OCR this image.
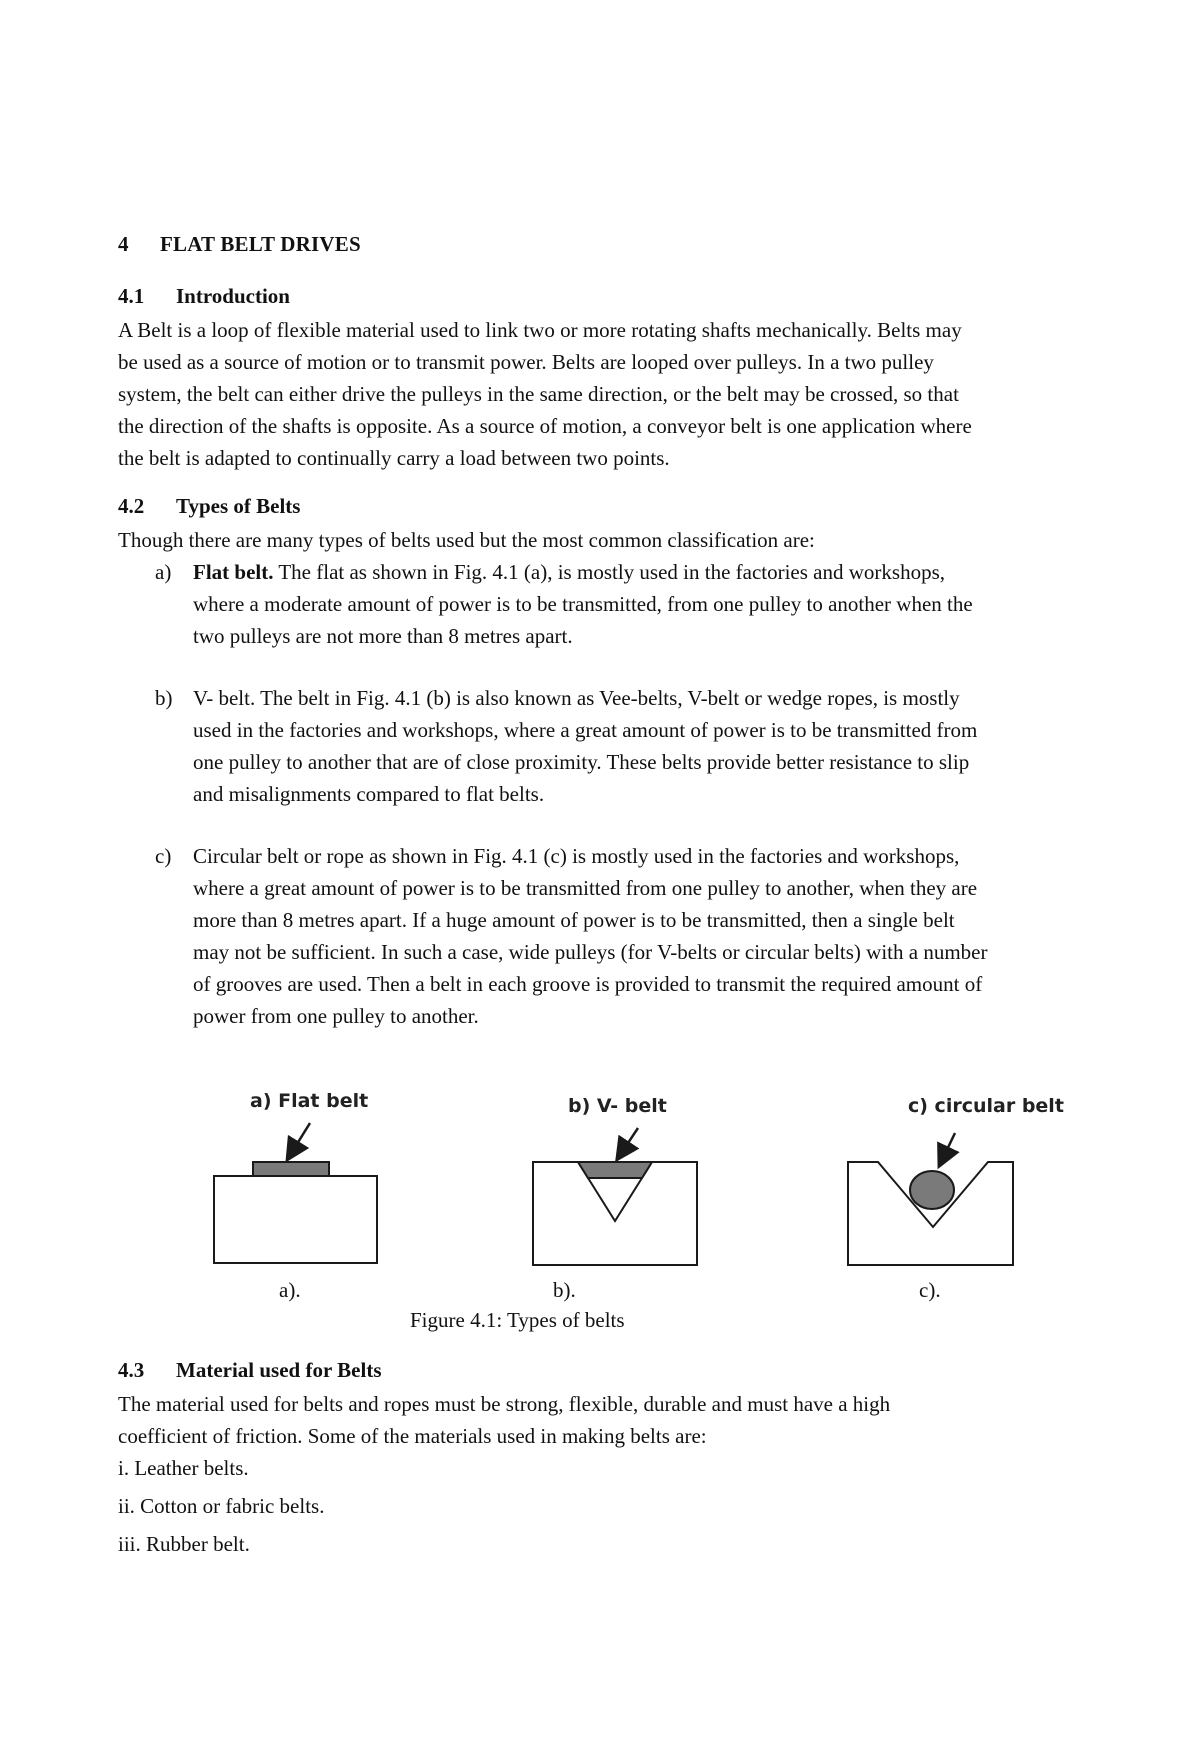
4 FLAT BELT DRIVES
4.1 Introduction
A Belt is a loop of flexible material used to link two or more rotating shafts mechanically. Belts may
be used as a source of motion or to transmit power. Belts are looped over pulleys. In a two pulley
system, the belt can either drive the pulleys in the same direction, or the belt may be crossed, so that
the direction of the shafts is opposite. As a source of motion, a conveyor belt is one application where
the belt is adapted to continually carry a load between two points.
4.2 Types of Belts
Though there are many types of belts used but the most common classification are:
a)	Flat belt. The flat as shown in Fig. 4.1 (a), is mostly used in the factories and workshops,
where a moderate amount of power is to be transmitted, from one pulley to another when the
two pulleys are not more than 8 metres apart.
b) V- belt. The belt in Fig. 4.1 (b) is also known as Vee-belts, V-belt or wedge ropes, is mostly
used in the factories and workshops, where a great amount of power is to be transmitted from
one pulley to another that are of close proximity. These belts provide better resistance to slip
and misalignments compared to flat belts.
c)	Circular belt or rope as shown in Fig. 4.1 (c) is mostly used in the factories and workshops,
where a great amount of power is to be transmitted from one pulley to another, when they are
more than 8 metres apart. If a huge amount of power is to be transmitted, then a single belt
may not be sufficient. In such a case, wide pulleys (for V-belts or circular belts) with a number
of grooves are used. Then a belt in each groove is provided to transmit the required amount of
power from one pulley to another.
a) Flat belt	b) V- belt	c) circular belt
a).	b).	c).
Figure 4.1: Types of belts
4.3 Material used for Belts
The material used for belts and ropes must be strong, flexible, durable and must have a high
coefficient of friction. Some of the materials used in making belts are:
i. Leather belts.
ii. Cotton or fabric belts.
iii. Rubber belt.
